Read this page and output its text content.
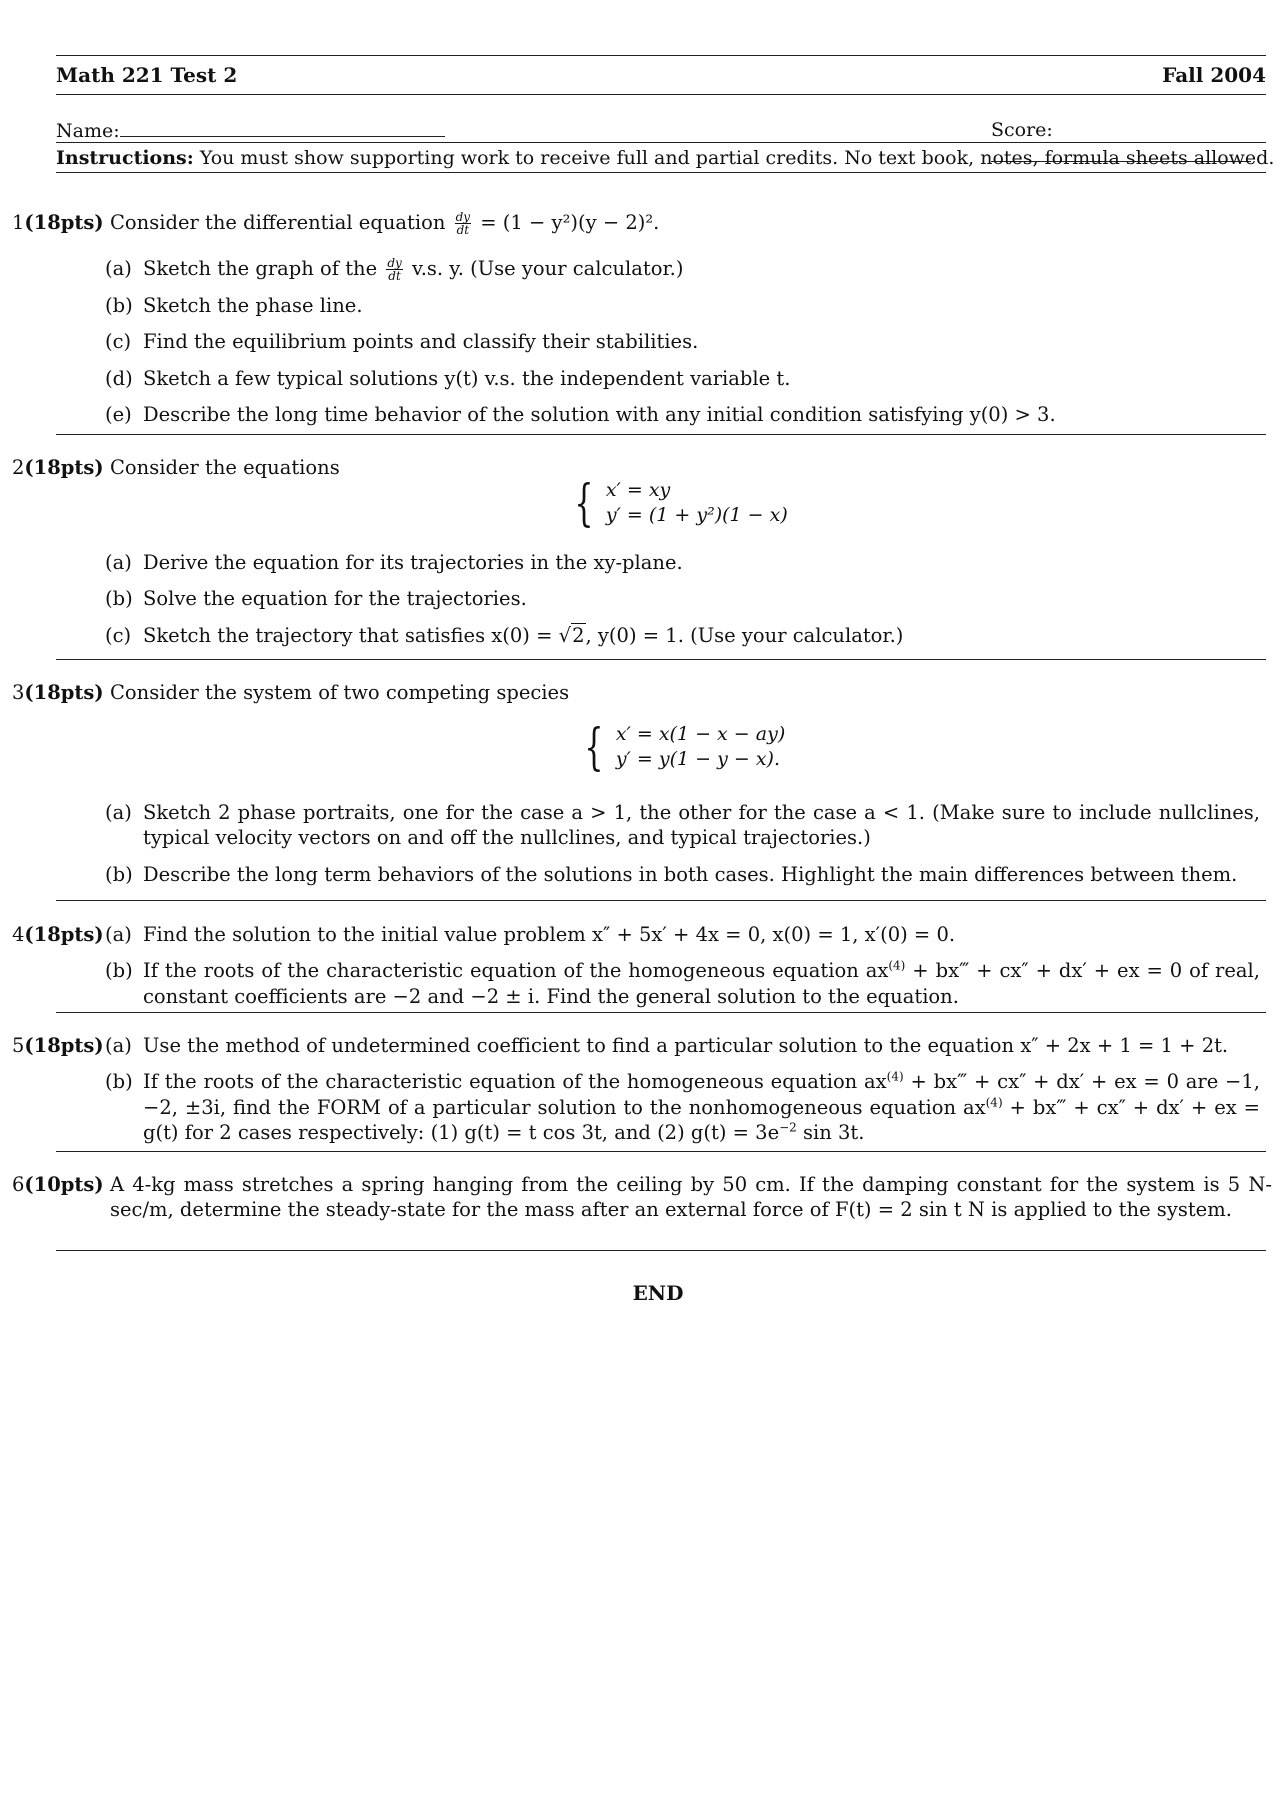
Math 221 Test 2	Fall 2004
Name:	Score:
Instructions: You must show supporting work to receive full and partial credits. No text book, notes, formula sheets allowed.
1(18pts) Consider the differential equation $\frac{dy}{dt} = (1 - y^2)(y - 2)^2$.
(a) Sketch the graph of the $\frac{dy}{dt} v.s$. y. (Use your calculator.)
(b) Sketch the phase line.
(c) Find the equilibrium points and classify their stabilities.
(d) Sketch a few typical solutions y(t) v.s. the independent variable t.
(e) Describe the long time behavior of the solution with any initial condition satisfying y(0) > 3.
2(18pts) Consider the equations
{ x′ = xy
y′ = (1 + y²)(1 − x)
(a) Derive the equation for its trajectories in the xy-plane.
(b) Solve the equation for the trajectories.
(c) Sketch the trajectory that satisfies x(0) = √2, y(0) = 1. (Use your calculator.)
3(18pts) Consider the system of two competing species
{ x′ = x(1 − x − ay)
y′ = y(1 − y − x).
(a) Sketch 2 phase portraits, one for the case a > 1, the other for the case a < 1. (Make sure to include nullclines, typical velocity vectors on and off the nullclines, and typical trajectories.)
(b) Describe the long term behaviors of the solutions in both cases. Highlight the main differences between them.
4(18pts) (a) Find the solution to the initial value problem x″ + 5x′ + 4x = 0, x(0) = 1, x′(0) = 0.
(b) If the roots of the characteristic equation of the homogeneous equation $ax^{(4)}$ + bx‴ + cx″ + dx′ + ex = 0 of real, constant coefficients are −2 and −2 ± i. Find the general solution to the equation.
5(18pts) (a) Use the method of undetermined coefficient to find a particular solution to the equation x″ + 2x + 1 = 1 + 2t.
(b) If the roots of the characteristic equation of the homogeneous equation $ax^{(4)}$ + bx‴ + cx″ + dx′ + ex = 0 are −1, −2, ±3i, find the FORM of a particular solution to the nonhomogeneous equation $ax^{(4)}$ + bx‴ + cx″ + dx′ + ex = g(t) for 2 cases respectively: (1) g(t) = t cos 3t, and (2) $g(t) = 3e^{-2}$ sin 3t.
6(10pts) A 4-kg mass stretches a spring hanging from the ceiling by 50 cm. If the damping constant for the system is 5 N-sec/m, determine the steady-state for the mass after an external force of F(t) = 2 sin t N is applied to the system.
END
